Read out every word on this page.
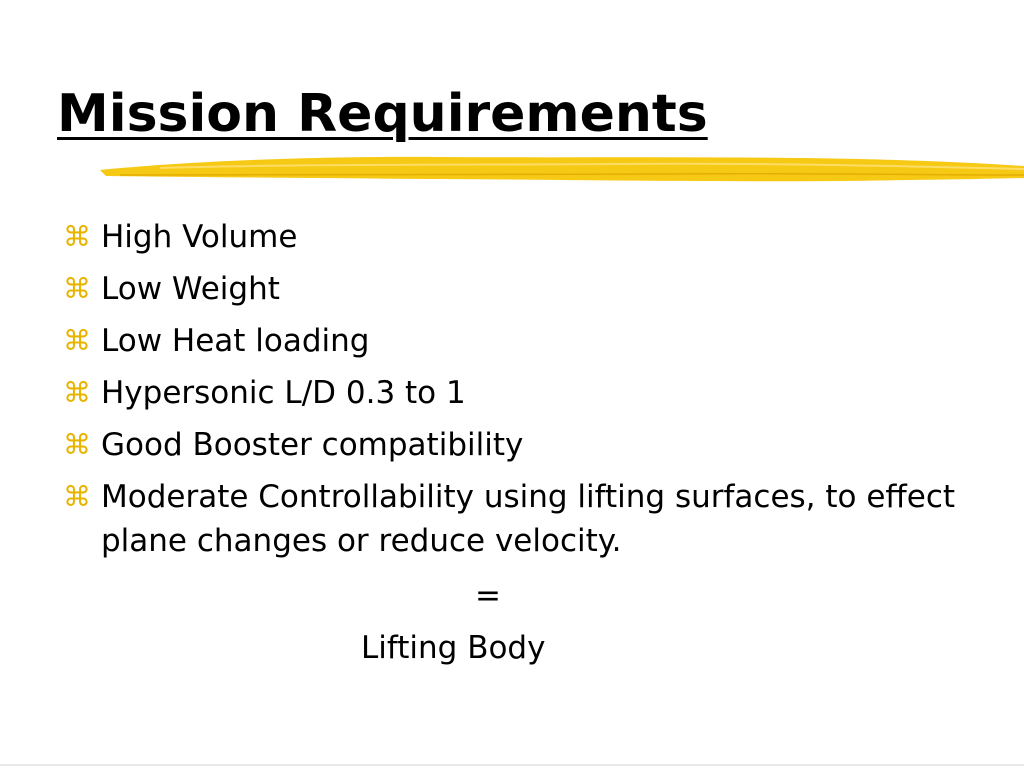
Mission Requirements
⌘ High Volume
⌘ Low Weight
⌘ Low Heat loading
⌘ Hypersonic L/D 0.3 to 1
⌘ Good Booster compatibility
⌘ Moderate Controllability using lifting surfaces, to effect plane changes or reduce velocity.
=
Lifting Body
